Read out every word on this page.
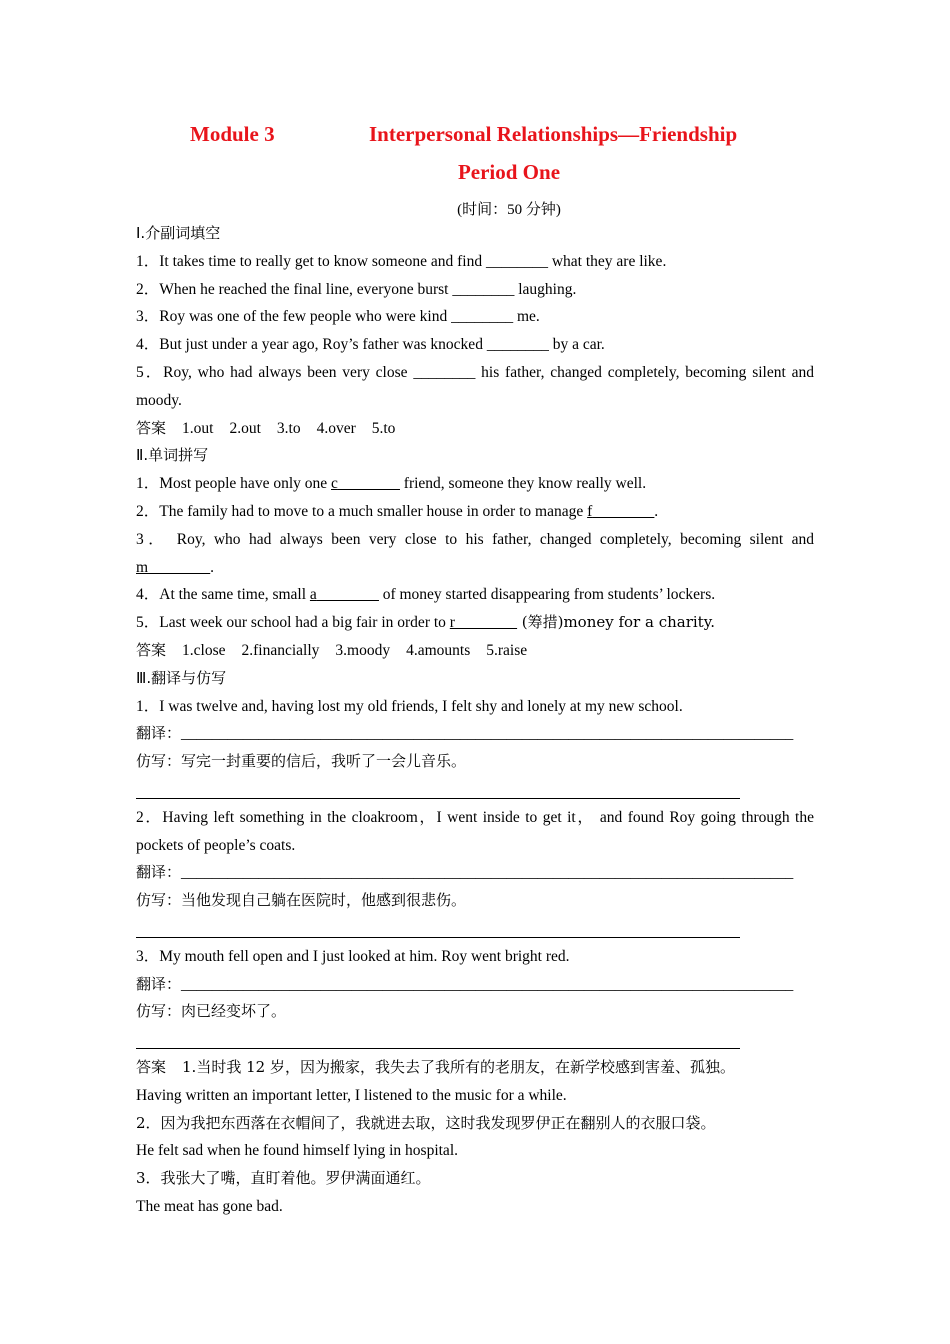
Module 3	Interpersonal Relationships—Friendship
Period One

(时间：50 分钟)

Ⅰ.介副词填空

1．It takes time to really get to know someone and find ________ what they are like.

2．When he reached the final line, everyone burst ________ laughing.

3．Roy was one of the few people who were kind ________ me.

4．But just under a year ago, Roy’s father was knocked ________ by a car.

5．Roy, who had always been very close ________ his father, changed completely, becoming silent and moody.

答案 1.out 2.out 3.to 4.over 5.to

Ⅱ.单词拼写

1．Most people have only one c________ friend, someone they know really well.

2．The family had to move to a much smaller house in order to manage f________.

3． Roy, who had always been very close to his father, changed completely, becoming silent and m________.

4．At the same time, small a________ of money started disappearing from students’ lockers.

5．Last week our school had a big fair in order to r________ (筹措)money for a charity.

答案 1.close 2.financially 3.moody 4.amounts 5.raise

Ⅲ.翻译与仿写

1．I was twelve and, having lost my old friends, I felt shy and lonely at my new school.

翻译：_______________________________________________________________________________

仿写：写完一封重要的信后，我听了一会儿音乐。

2．Having left something in the cloakroom，I went inside to get it， and found Roy going through the pockets of people’s coats.

翻译：_______________________________________________________________________________

仿写：当他发现自己躺在医院时，他感到很悲伤。

3．My mouth fell open and I just looked at him. Roy went bright red.

翻译：_______________________________________________________________________________

仿写：肉已经变坏了。

答案 1.当时我 12 岁，因为搬家，我失去了我所有的老朋友，在新学校感到害羞、孤独。

Having written an important letter, I listened to the music for a while.

2．因为我把东西落在衣帽间了，我就进去取，这时我发现罗伊正在翻别人的衣服口袋。

He felt sad when he found himself lying in hospital.

3．我张大了嘴，直盯着他。罗伊满面通红。

The meat has gone bad.
